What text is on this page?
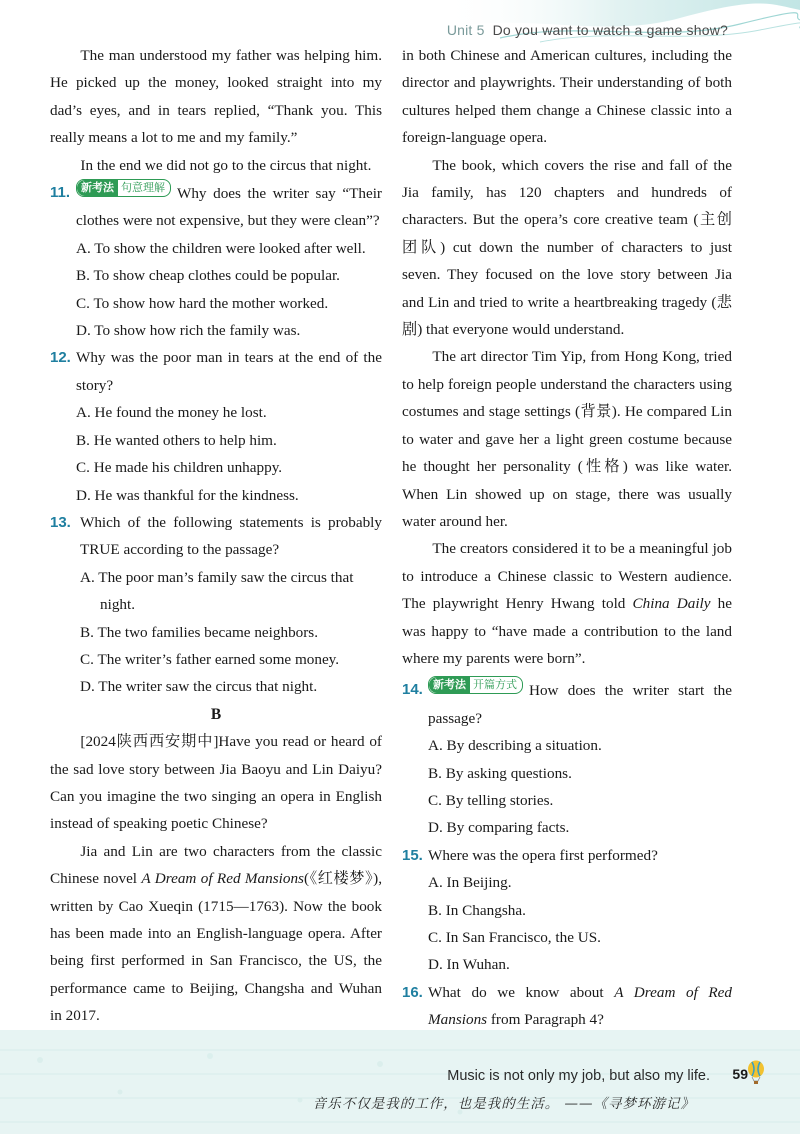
Unit 5 Do you want to watch a game show?

The man understood my father was helping him. He picked up the money, looked straight into my dad’s eyes, and in tears replied, “Thank you. This really means a lot to me and my family.”

In the end we did not go to the circus that night.

11. 新考法 句意理解 Why does the writer say “Their clothes were not expensive, but they were clean”?

A. To show the children were looked after well.

B. To show cheap clothes could be popular.

C. To show how hard the mother worked.

D. To show how rich the family was.

12. Why was the poor man in tears at the end of the story?

A. He found the money he lost.

B. He wanted others to help him.

C. He made his children unhappy.

D. He was thankful for the kindness.

13. Which of the following statements is probably TRUE according to the passage?

A. The poor man’s family saw the circus that night.

B. The two families became neighbors.

C. The writer’s father earned some money.

D. The writer saw the circus that night.

B

[2024陕西西安期中]Have you read or heard of the sad love story between Jia Baoyu and Lin Daiyu? Can you imagine the two singing an opera in English instead of speaking poetic Chinese?

Jia and Lin are two characters from the classic Chinese novel A Dream of Red Mansions(《红楼梦》), written by Cao Xueqin (1715—1763). Now the book has been made into an English-language opera. After being first performed in San Francisco, the US, the performance came to Beijing, Changsha and Wuhan in 2017.

in both Chinese and American cultures, including the director and playwrights. Their understanding of both cultures helped them change a Chinese classic into a foreign-language opera.

The book, which covers the rise and fall of the Jia family, has 120 chapters and hundreds of characters. But the opera’s core creative team (主创团队) cut down the number of characters to just seven. They focused on the love story between Jia and Lin and tried to write a heartbreaking tragedy (悲剧) that everyone would understand.

The art director Tim Yip, from Hong Kong, tried to help foreign people understand the characters using costumes and stage settings (背景). He compared Lin to water and gave her a light green costume because he thought her personality (性格) was like water. When Lin showed up on stage, there was usually water around her.

The creators considered it to be a meaningful job to introduce a Chinese classic to Western audience. The playwright Henry Hwang told China Daily he was happy to “have made a contribution to the land where my parents were born”.

14. 新考法 开篇方式 How does the writer start the passage?

A. By describing a situation.

B. By asking questions.

C. By telling stories.

D. By comparing facts.

15. Where was the opera first performed?

A. In Beijing.

B. In Changsha.

C. In San Francisco, the US.

D. In Wuhan.

16. What do we know about A Dream of Red Mansions from Paragraph 4?

Music is not only my job, but also my life.
音乐不仅是我的工作，也是我的生活。 ——《寻梦环游记》
59
